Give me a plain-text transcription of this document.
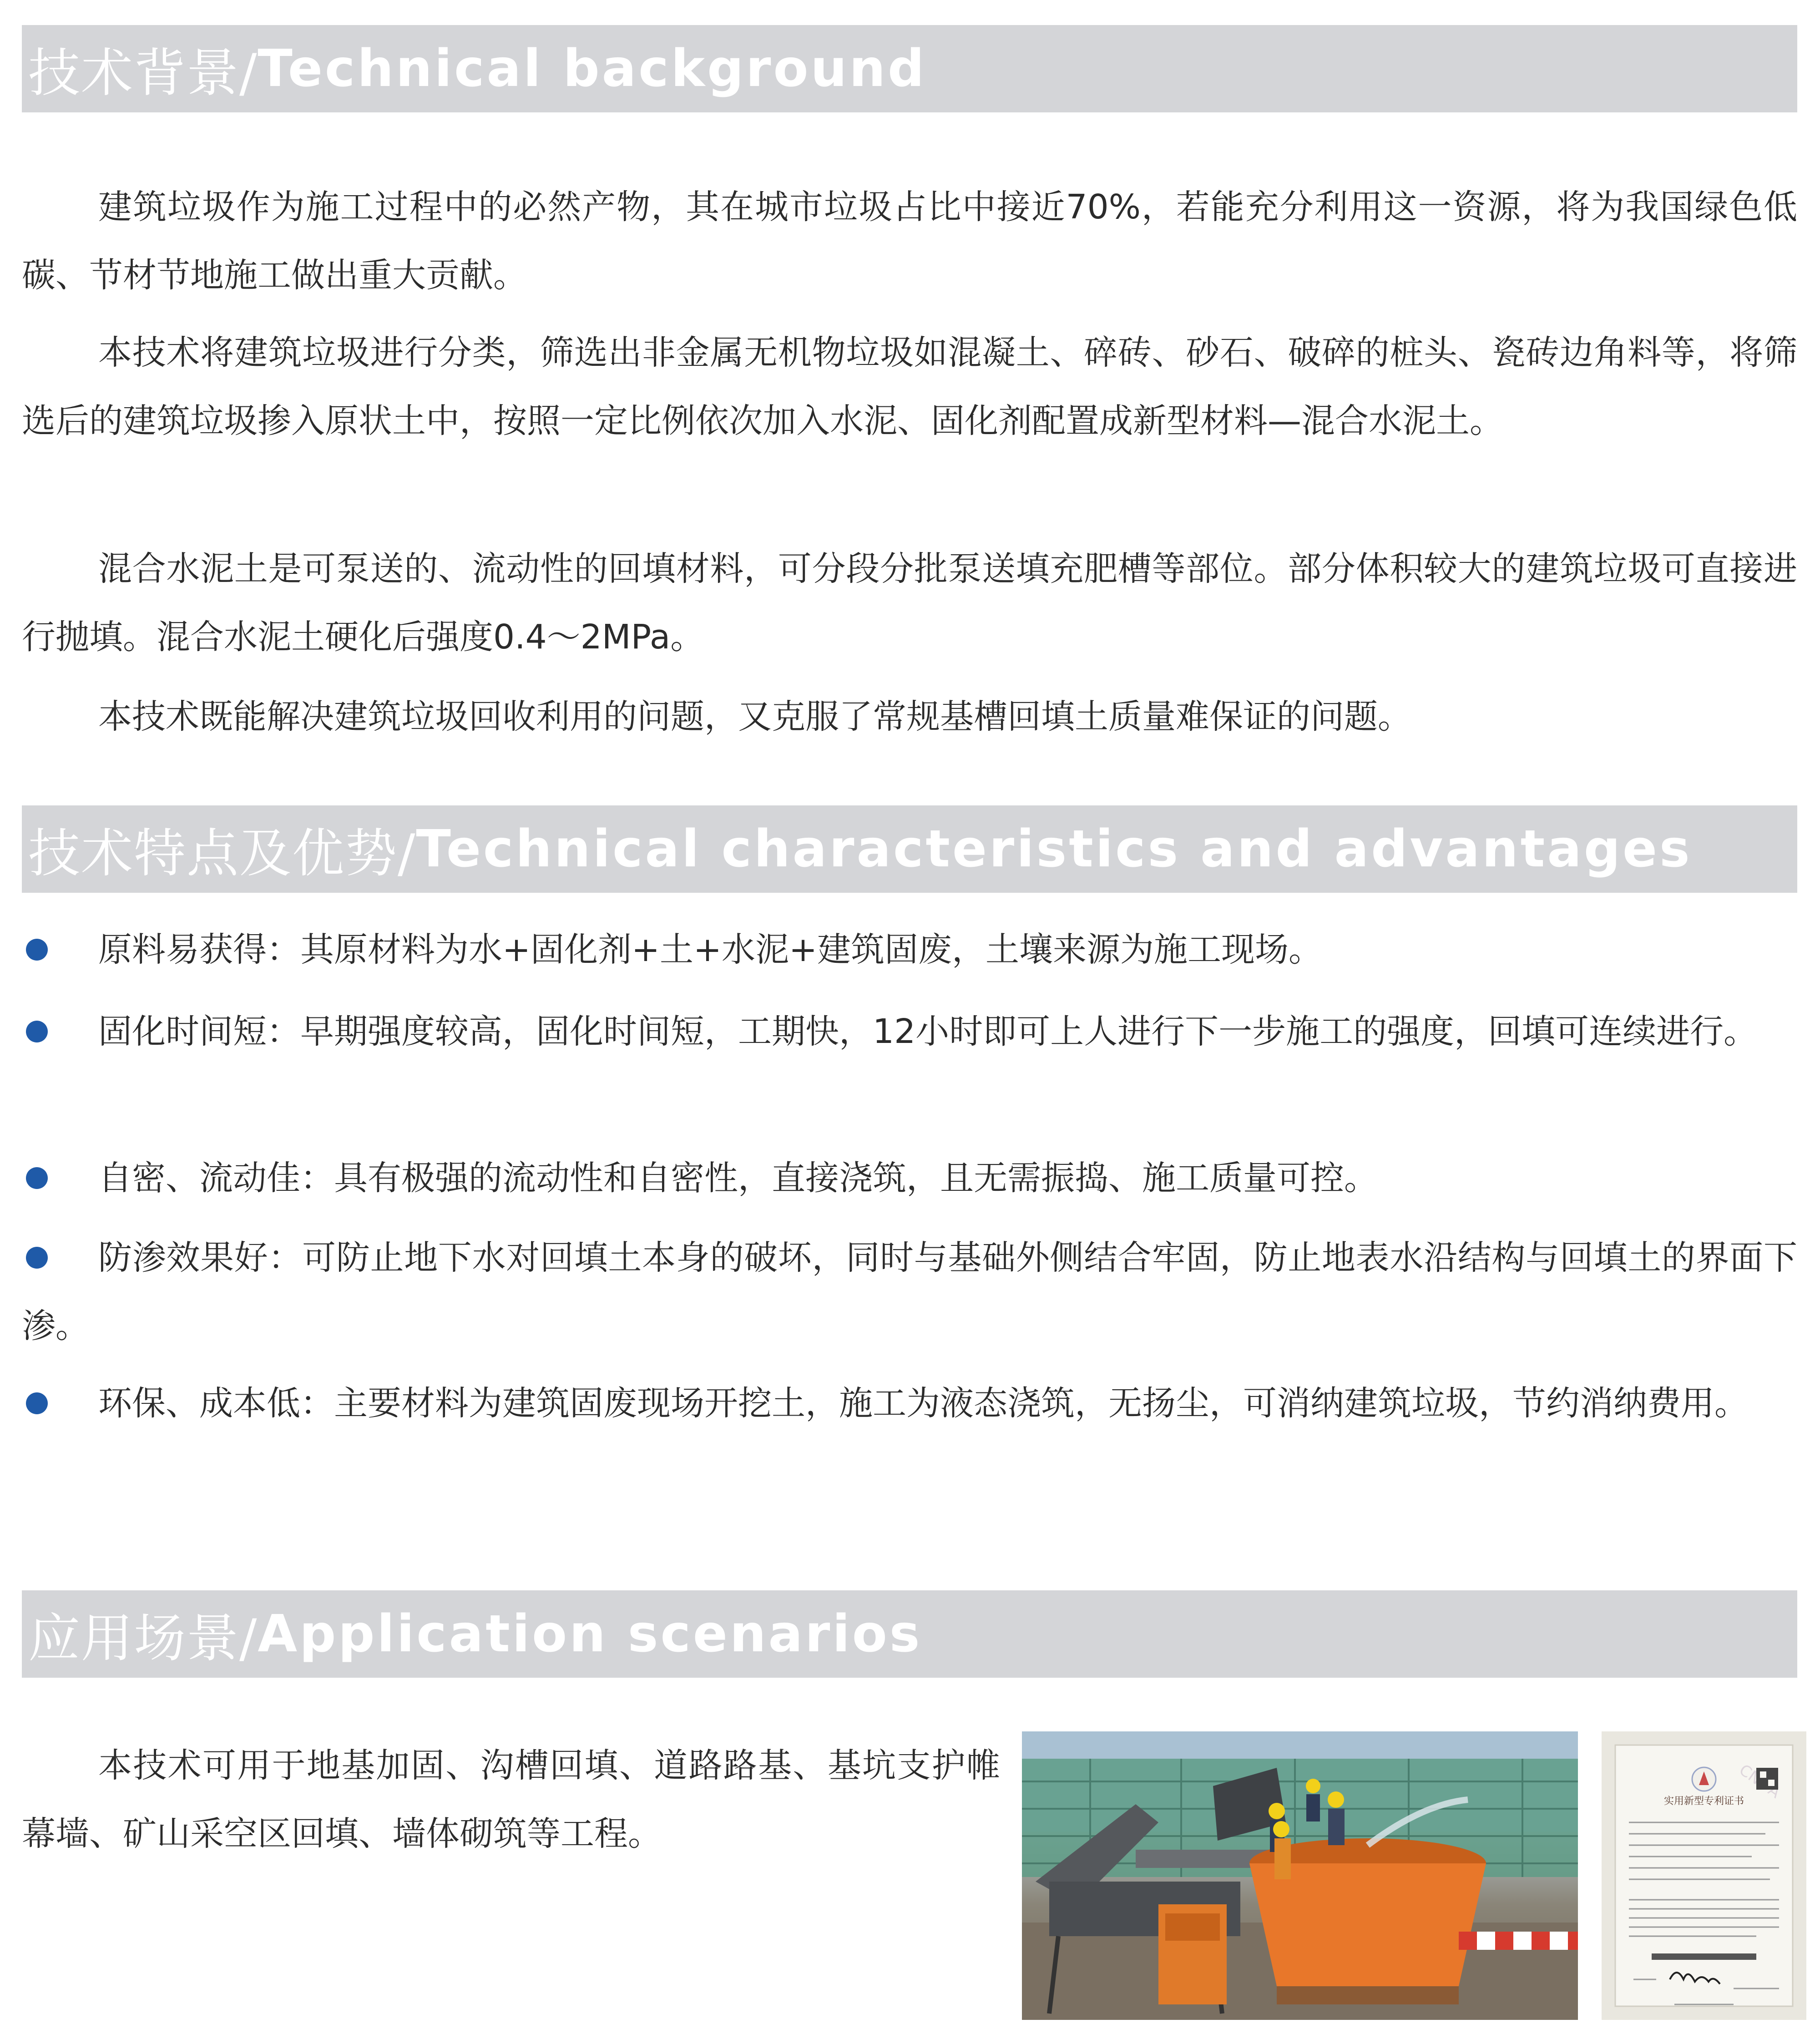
技术背景/ Technical background

建筑垃圾作为施工过程中的必然产物，其在城市垃圾占比中接近70%，若能充分利用这一资源，将为我国绿色低碳、节材节地施工做出重大贡献。

本技术将建筑垃圾进行分类，筛选出非金属无机物垃圾如混凝土、碎砖、砂石、破碎的桩头、瓷砖边角料等，将筛选后的建筑垃圾掺入原状土中，按照一定比例依次加入水泥、固化剂配置成新型材料—混合水泥土。

混合水泥土是可泵送的、流动性的回填材料，可分段分批泵送填充肥槽等部位。部分体积较大的建筑垃圾可直接进行抛填。混合水泥土硬化后强度0.4～2MPa。

本技术既能解决建筑垃圾回收利用的问题，又克服了常规基槽回填土质量难保证的问题。

技术特点及优势/ Technical characteristics and advantages

原料易获得：其原材料为水+固化剂+土+水泥+建筑固废，土壤来源为施工现场。

固化时间短：早期强度较高，固化时间短，工期快，12小时即可上人进行下一步施工的强度，回填可连续进行。

自密、流动佳：具有极强的流动性和自密性，直接浇筑，且无需振捣、施工质量可控。

防渗效果好：可防止地下水对回填土本身的破坏，同时与基础外侧结合牢固，防止地表水沿结构与回填土的界面下渗。

环保、成本低：主要材料为建筑固废现场开挖土，施工为液态浇筑，无扬尘，可消纳建筑垃圾，节约消纳费用。

应用场景/ Application scenarios

本技术可用于地基加固、沟槽回填、道路路基、基坑支护帷幕墙、矿山采空区回填、墙体砌筑等工程。

实用新型专利证书
